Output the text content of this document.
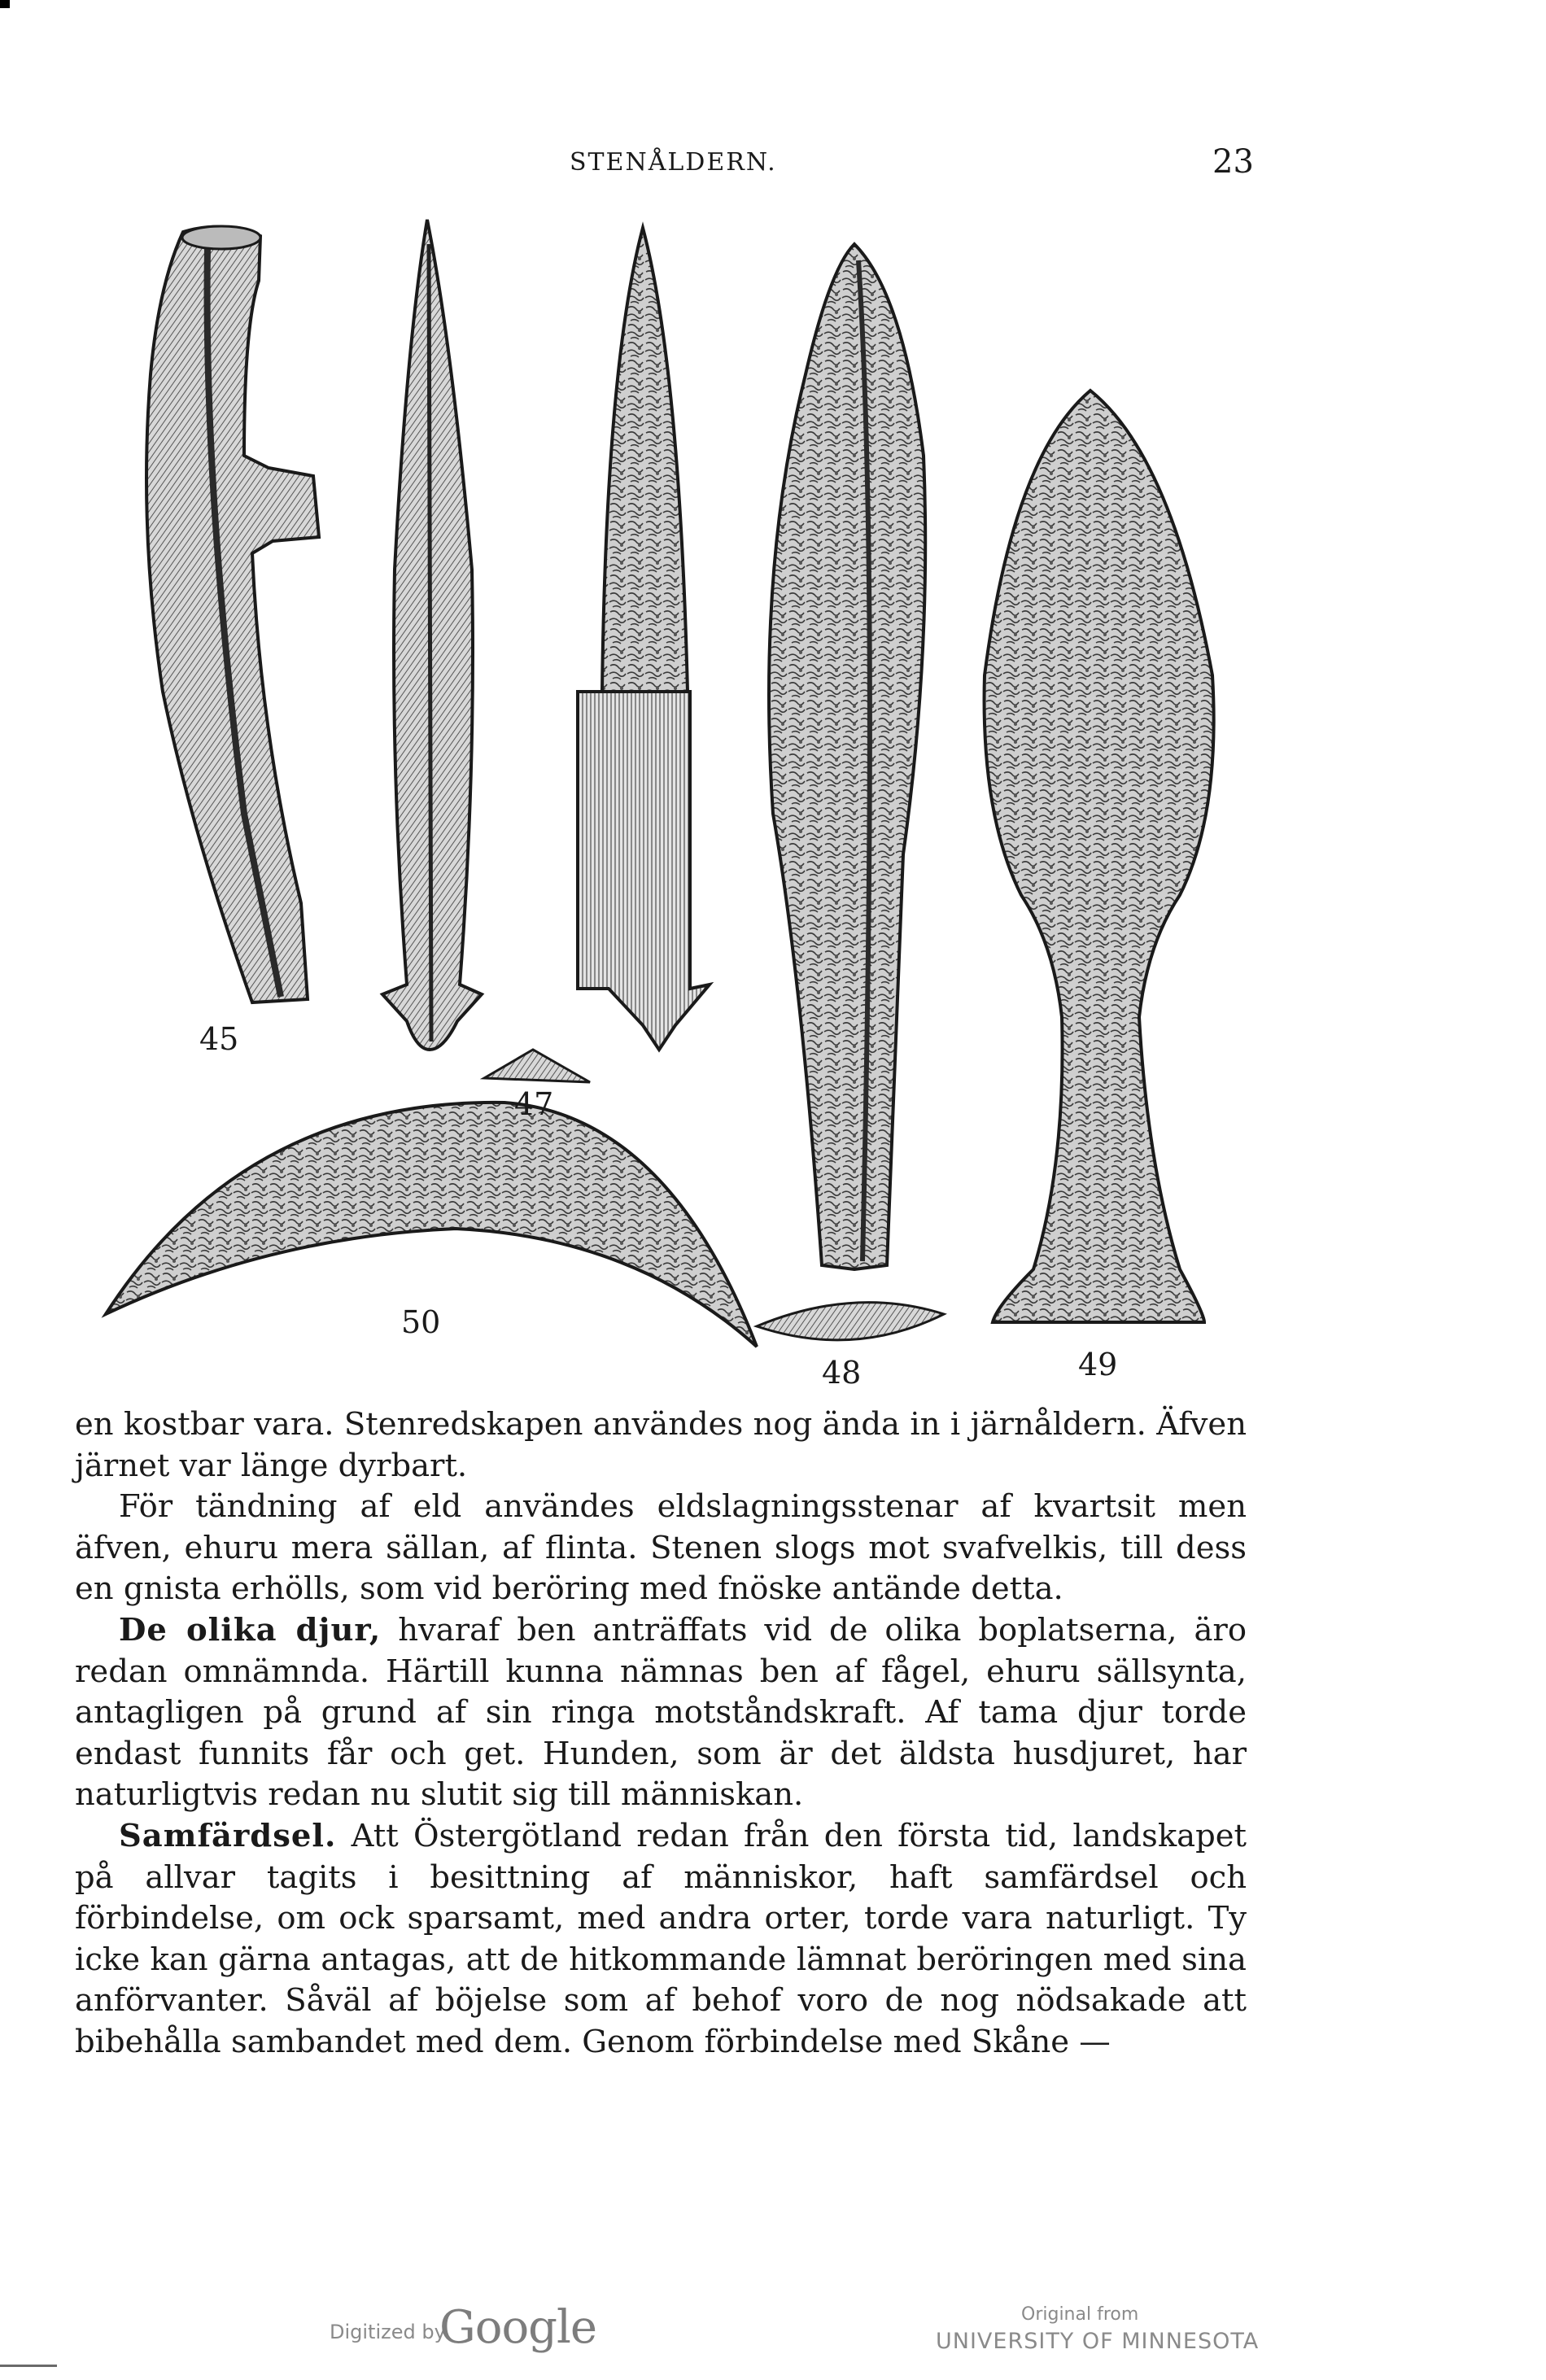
STENÅLDERN.	23
45
47
50
48	49

en kostbar vara. Stenredskapen användes nog ända in i järnåldern. Äfven järnet var länge dyrbart.

För tändning af eld användes eldslagningsstenar af kvartsit men äfven, ehuru mera sällan, af flinta. Stenen slogs mot svafvelkis, till dess en gnista erhölls, som vid beröring med fnöske antände detta.

De olika djur, hvaraf ben anträffats vid de olika boplatserna, äro redan omnämnda. Härtill kunna nämnas ben af fågel, ehuru sällsynta, antagligen på grund af sin ringa motståndskraft. Af tama djur torde endast funnits får och get. Hunden, som är det äldsta husdjuret, har naturligtvis redan nu slutit sig till människan.

Samfärdsel. Att Östergötland redan från den första tid, landskapet på allvar tagits i besittning af människor, haft samfärdsel och förbindelse, om ock sparsamt, med andra orter, torde vara naturligt. Ty icke kan gärna antagas, att de hitkommande lämnat beröringen med sina anförvanter. Såväl af böjelse som af behof voro de nog nödsakade att bibehålla sambandet med dem. Genom förbindelse med Skåne —

Digitized by
Google	Original from
UNIVERSITY OF MINNESOTA
